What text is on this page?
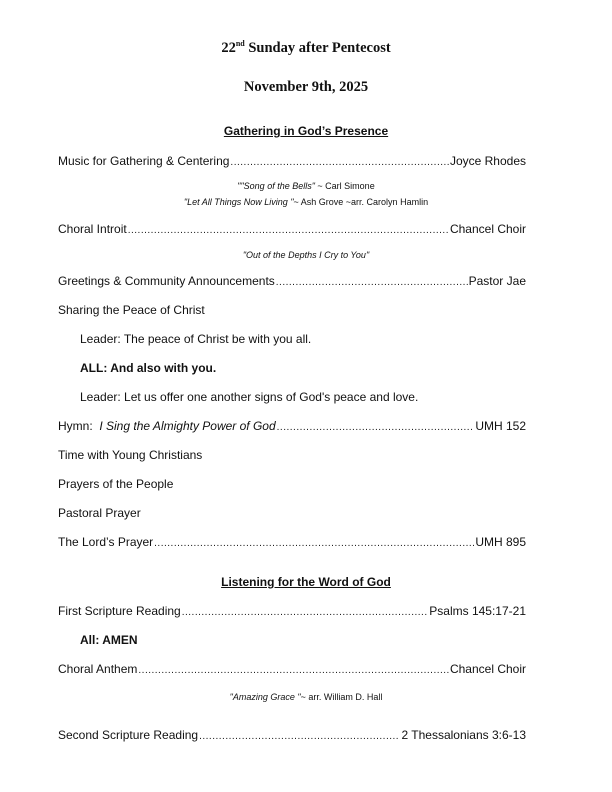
22nd Sunday after Pentecost
November 9th, 2025
Gathering in God’s Presence
Music for Gathering & Centering .....	Joyce Rhodes
""Song of the Bells" ~ Carl Simone
"Let All Things Now Living "~ Ash Grove ~arr. Carolyn Hamlin
Choral Introit .....	Chancel Choir
"Out of the Depths I Cry to You"
Greetings & Community Announcements .....	Pastor Jae
Sharing the Peace of Christ
Leader: The peace of Christ be with you all.
ALL: And also with you.
Leader: Let us offer one another signs of God's peace and love.
Hymn:  I Sing the Almighty Power of God .....	UMH 152
Time with Young Christians
Prayers of the People
Pastoral Prayer
The Lord’s Prayer .....	UMH 895
Listening for the Word of God
First Scripture Reading .....	Psalms 145:17-21
All: AMEN
Choral Anthem .....	Chancel Choir
"Amazing Grace "~ arr. William D. Hall
Second Scripture Reading .....	2 Thessalonians 3:6-13
